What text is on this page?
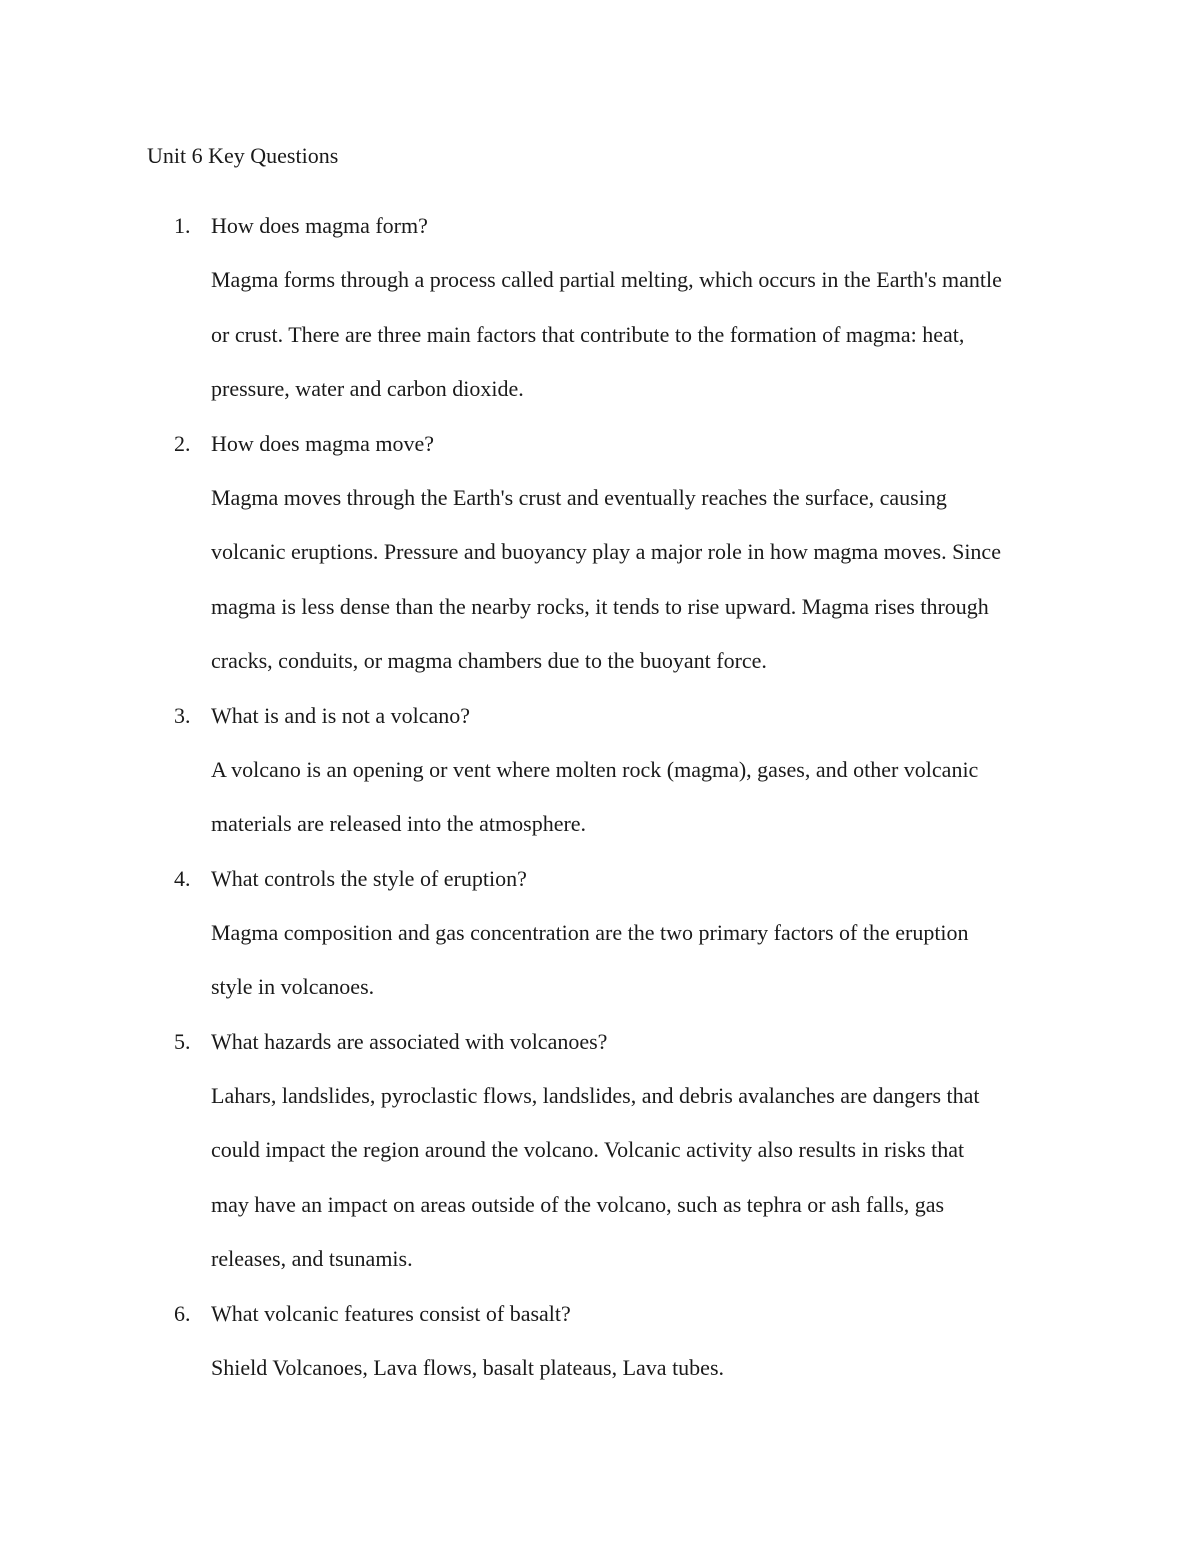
Unit 6 Key Questions
1. How does magma form?
Magma forms through a process called partial melting, which occurs in the Earth's mantle
or crust. There are three main factors that contribute to the formation of magma: heat,
pressure, water and carbon dioxide.
2. How does magma move?
Magma moves through the Earth's crust and eventually reaches the surface, causing
volcanic eruptions. Pressure and buoyancy play a major role in how magma moves. Since
magma is less dense than the nearby rocks, it tends to rise upward. Magma rises through
cracks, conduits, or magma chambers due to the buoyant force.
3. What is and is not a volcano?
A volcano is an opening or vent where molten rock (magma), gases, and other volcanic
materials are released into the atmosphere.
4. What controls the style of eruption?
Magma composition and gas concentration are the two primary factors of the eruption
style in volcanoes.
5. What hazards are associated with volcanoes?
Lahars, landslides, pyroclastic flows, landslides, and debris avalanches are dangers that
could impact the region around the volcano. Volcanic activity also results in risks that
may have an impact on areas outside of the volcano, such as tephra or ash falls, gas
releases, and tsunamis.
6. What volcanic features consist of basalt?
Shield Volcanoes, Lava flows, basalt plateaus, Lava tubes.
